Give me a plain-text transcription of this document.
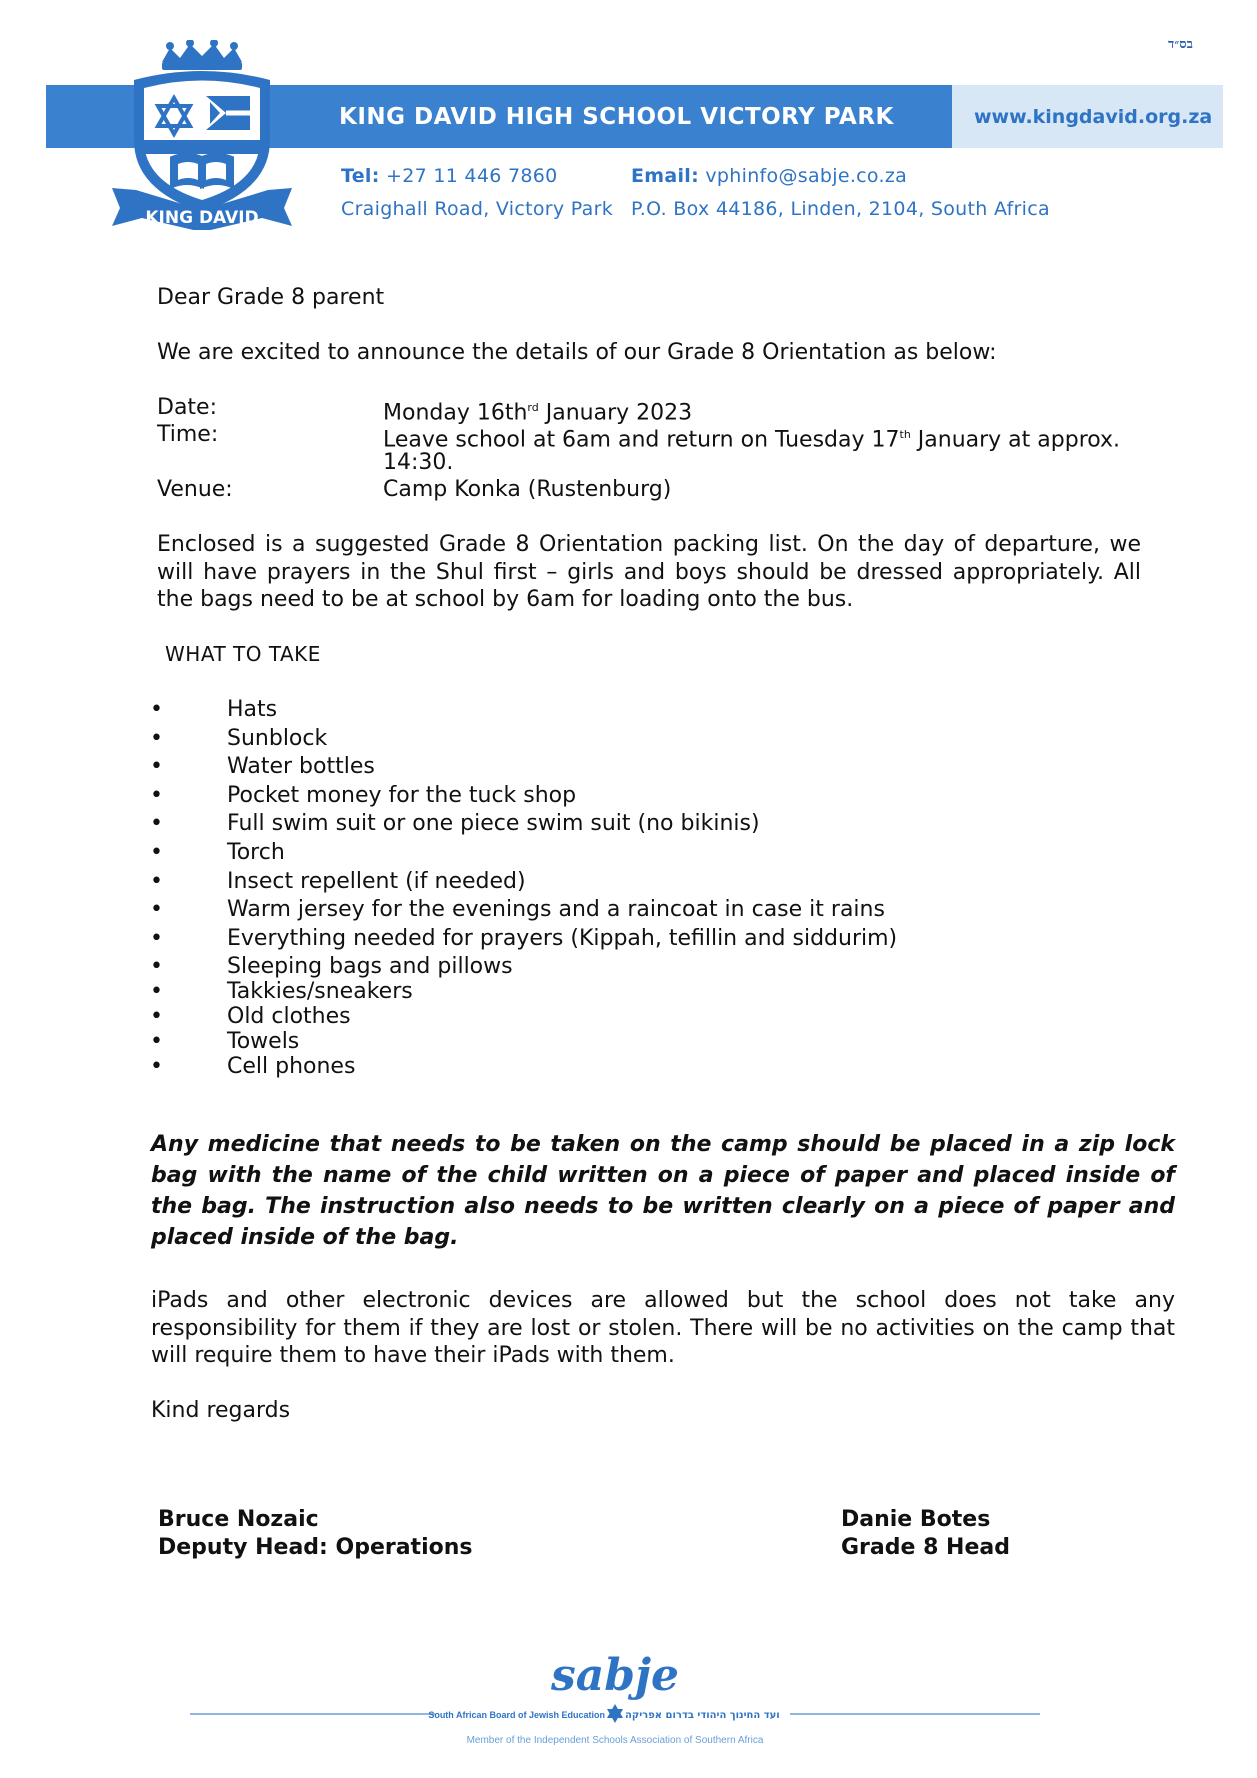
בס״ד
KING DAVID HIGH SCHOOL VICTORY PARK	www.kingdavid.org.za
KING DAVID
Tel: +27 11 446 7860	Email: vphinfo@sabje.co.za
Craighall Road, Victory Park P.O. Box 44186, Linden, 2104, South Africa
Dear Grade 8 parent
We are excited to announce the details of our Grade 8 Orientation as below:
Date:	Monday $16th^{rd}$ January 2023
Time:	Leave school at 6am and return on Tuesday 17th January at approx.
14:30.
Venue:	Camp Konka (Rustenburg)
Enclosed is a suggested Grade 8 Orientation packing list. On the day of departure, we will have prayers in the Shul first – girls and boys should be dressed appropriately. All the bags need to be at school by 6am for loading onto the bus.
WHAT TO TAKE
•	Hats
•	Sunblock
•	Water bottles
•	Pocket money for the tuck shop
•	Full swim suit or one piece swim suit (no bikinis)
•	Torch
•	Insect repellent (if needed)
•	Warm jersey for the evenings and a raincoat in case it rains
•	Everything needed for prayers (Kippah, tefillin and siddurim)
•	Sleeping bags and pillows
•	Takkies/sneakers
•	Old clothes
•	Towels
•	Cell phones
Any medicine that needs to be taken on the camp should be placed in a zip lock bag with the name of the child written on a piece of paper and placed inside of the bag. The instruction also needs to be written clearly on a piece of paper and placed inside of the bag.
iPads and other electronic devices are allowed but the school does not take any responsibility for them if they are lost or stolen. There will be no activities on the camp that will require them to have their iPads with them.
Kind regards
Bruce Nozaic
Deputy Head: Operations
Danie Botes
Grade 8 Head
sabje
South African Board of Jewish Education ועד החינוך היהודי בדרום אפריקה
Member of the Independent Schools Association of Southern Africa
